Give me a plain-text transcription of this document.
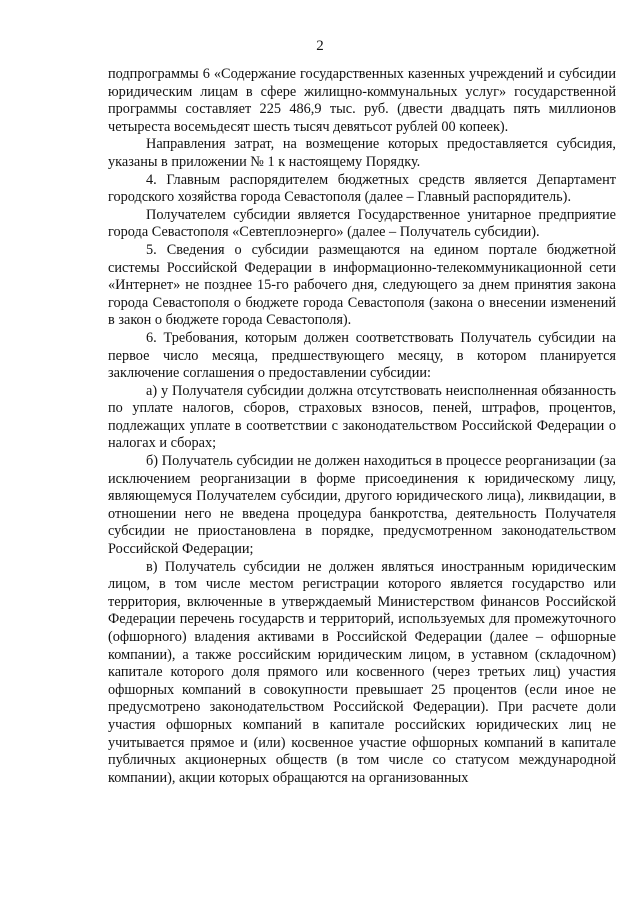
2

подпрограммы 6 «Содержание государственных казенных учреждений и субсидии юридическим лицам в сфере жилищно-коммунальных услуг» государственной программы составляет 225 486,9 тыс. руб. (двести двадцать пять миллионов четыреста восемьдесят шесть тысяч девятьсот рублей 00 копеек).

Направления затрат, на возмещение которых предоставляется субсидия, указаны в приложении № 1 к настоящему Порядку.

4. Главным распорядителем бюджетных средств является Департамент городского хозяйства города Севастополя (далее – Главный распорядитель).

Получателем субсидии является Государственное унитарное предприятие города Севастополя «Севтеплоэнерго» (далее – Получатель субсидии).

5. Сведения о субсидии размещаются на едином портале бюджетной системы Российской Федерации в информационно-телекоммуникационной сети «Интернет» не позднее 15-го рабочего дня, следующего за днем принятия закона города Севастополя о бюджете города Севастополя (закона о внесении изменений в закон о бюджете города Севастополя).

6. Требования, которым должен соответствовать Получатель субсидии на первое число месяца, предшествующего месяцу, в котором планируется заключение соглашения о предоставлении субсидии:

а) у Получателя субсидии должна отсутствовать неисполненная обязанность по уплате налогов, сборов, страховых взносов, пеней, штрафов, процентов, подлежащих уплате в соответствии с законодательством Российской Федерации о налогах и сборах;

б) Получатель субсидии не должен находиться в процессе реорганизации (за исключением реорганизации в форме присоединения к юридическому лицу, являющемуся Получателем субсидии, другого юридического лица), ликвидации, в отношении него не введена процедура банкротства, деятельность Получателя субсидии не приостановлена в порядке, предусмотренном законодательством Российской Федерации;

в) Получатель субсидии не должен являться иностранным юридическим лицом, в том числе местом регистрации которого является государство или территория, включенные в утверждаемый Министерством финансов Российской Федерации перечень государств и территорий, используемых для промежуточного (офшорного) владения активами в Российской Федерации (далее – офшорные компании), а также российским юридическим лицом, в уставном (складочном) капитале которого доля прямого или косвенного (через третьих лиц) участия офшорных компаний в совокупности превышает 25 процентов (если иное не предусмотрено законодательством Российской Федерации). При расчете доли участия офшорных компаний в капитале российских юридических лиц не учитывается прямое и (или) косвенное участие офшорных компаний в капитале публичных акционерных обществ (в том числе со статусом международной компании), акции которых обращаются на организованных
